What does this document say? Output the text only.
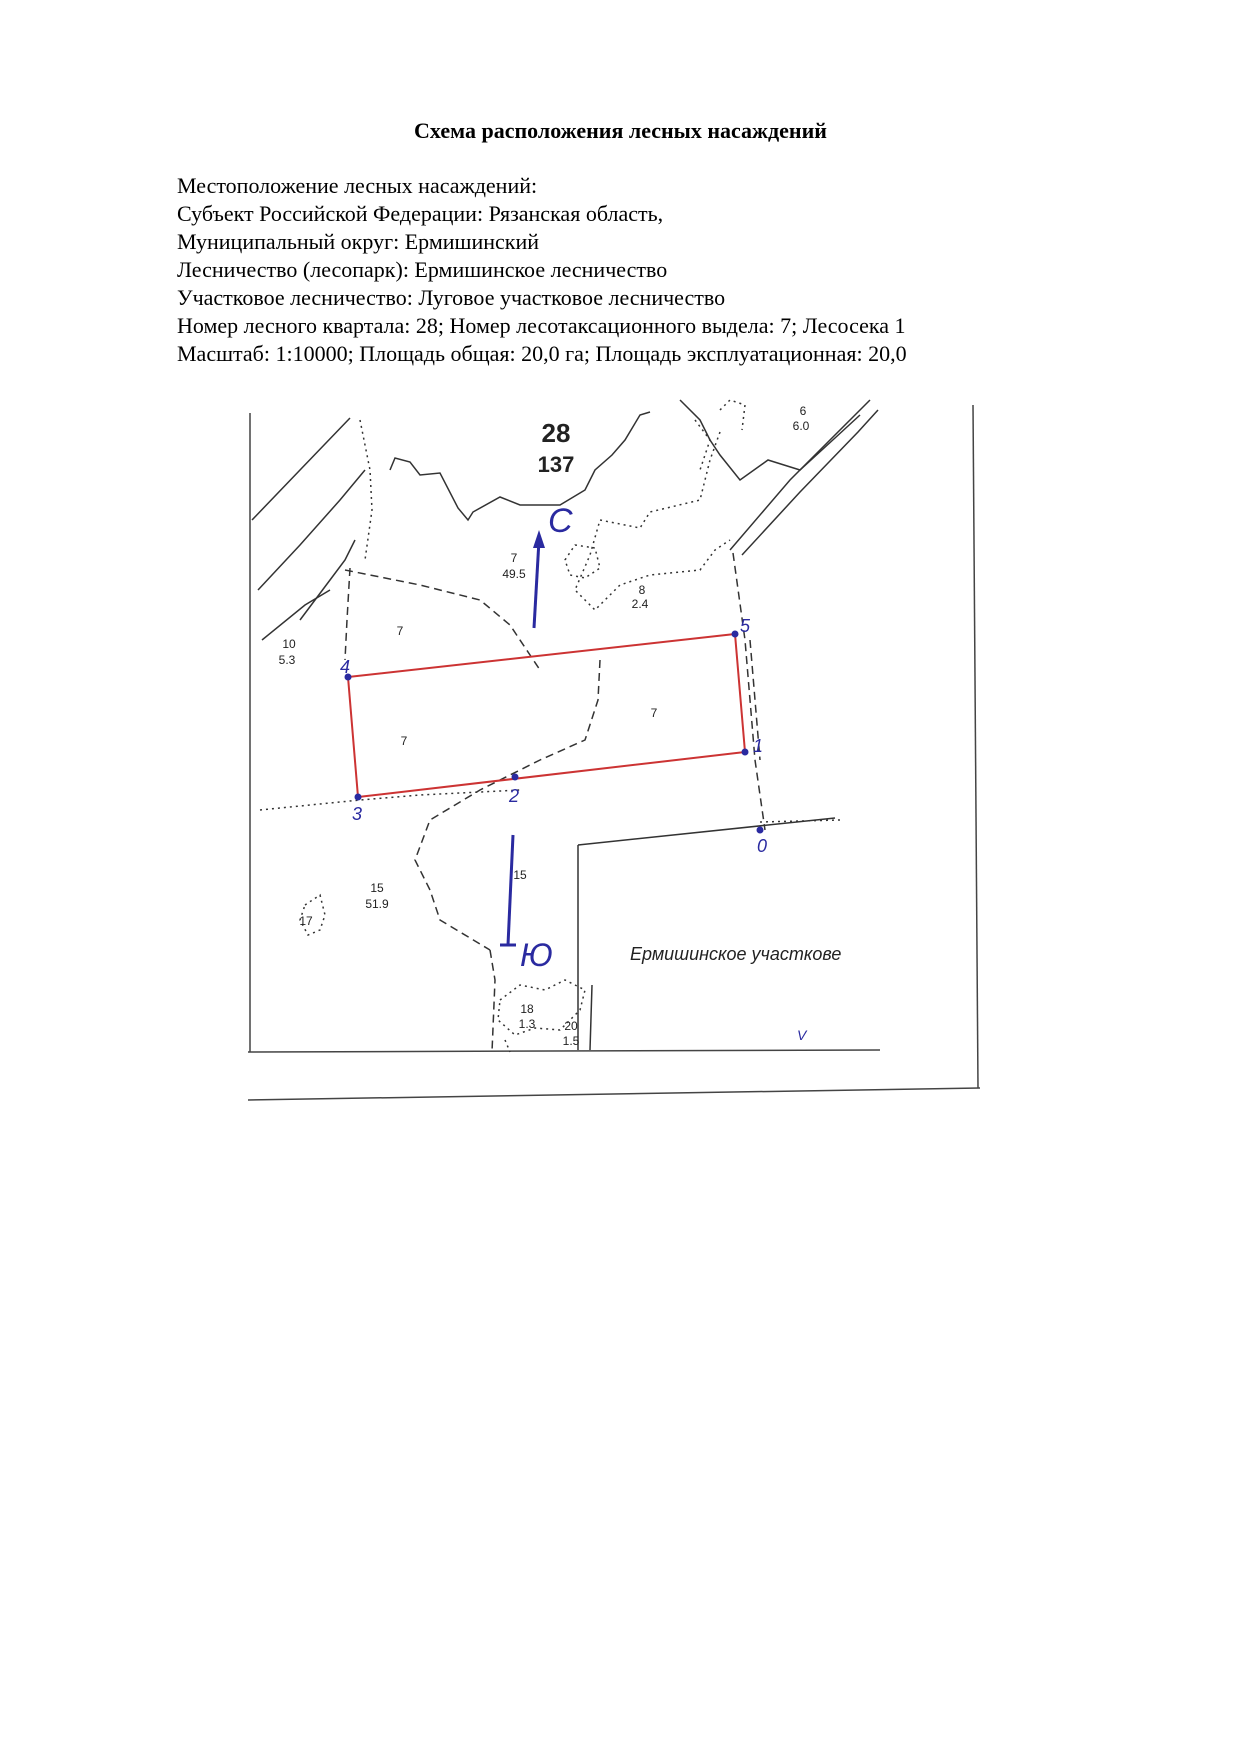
Схема расположения лесных насаждений
Местоположение лесных насаждений:
Субъект Российской Федерации: Рязанская область,
Муниципальный округ: Ермишинский
Лесничество (лесопарк): Ермишинское лесничество
Участковое лесничество: Луговое участковое лесничество
Номер лесного квартала: 28; Номер лесотаксационного выдела: 7; Лесосека 1
Масштаб: 1:10000; Площадь общая: 20,0 га; Площадь эксплуатационная: 20,0
0
1
2
3
4
5
С
Ю
28
137
6
6.0
7
49.5
8
2.4
7
10
5.3
7
7
15
15
51.9
17
18
1.3 20
1.5
Ермишинское участкове
V
